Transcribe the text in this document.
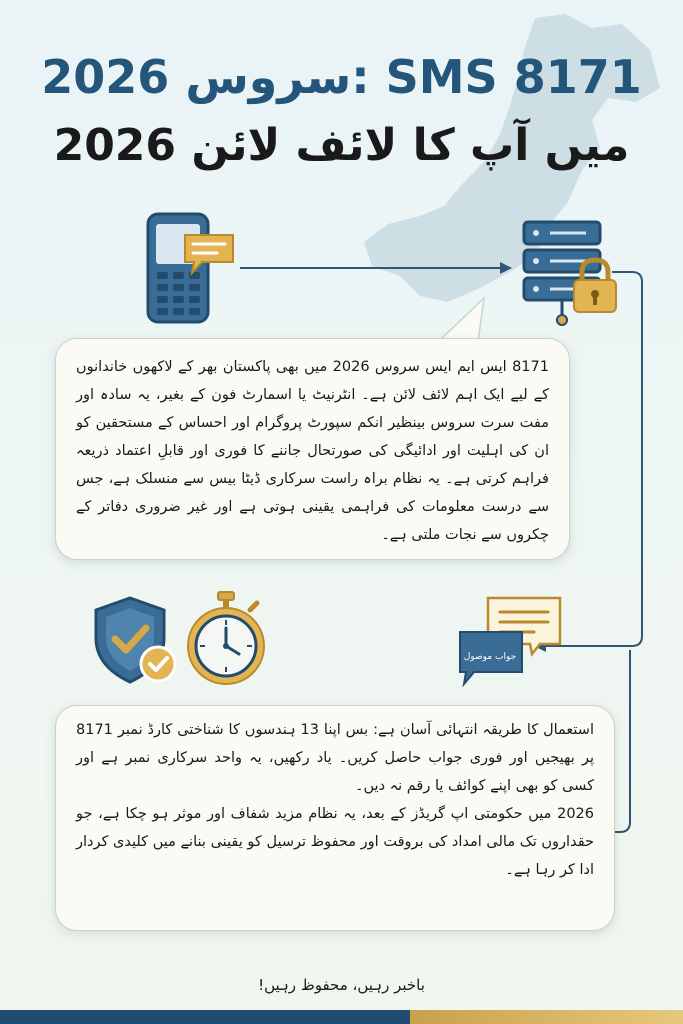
2026 سروس: SMS 8171
2026 میں آپ کا لائف لائن
8171 ایس ایم ایس سروس 2026 میں بھی پاکستان بھر کے لاکھوں خاندانوں کے لیے ایک اہم لائف لائن ہے۔ انٹرنیٹ یا اسمارٹ فون کے بغیر، یہ سادہ اور مفت سرت سروس بینظیر انکم سپورٹ پروگرام اور احساس کے مستحقین کو ان کی اہلیت اور ادائیگی کی صورتحال جاننے کا فوری اور قابلِ اعتماد ذریعہ فراہم کرتی ہے۔ یہ نظام براہ راست سرکاری ڈیٹا بیس سے منسلک ہے، جس سے درست معلومات کی فراہمی یقینی ہوتی ہے اور غیر ضروری دفاتر کے چکروں سے نجات ملتی ہے۔
جواب موصول

استعمال کا طریقہ انتہائی آسان ہے: بس اپنا 13 ہندسوں کا شناختی کارڈ نمبر 8171 پر بھیجیں اور فوری جواب حاصل کریں۔ یاد رکھیں، یہ واحد سرکاری نمبر ہے اور کسی کو بھی اپنے کوائف یا رقم نہ دیں۔

2026 میں حکومتی اپ گریڈز کے بعد، یہ نظام مزید شفاف اور موثر ہو چکا ہے، جو حقداروں تک مالی امداد کی بروقت اور محفوظ ترسیل کو یقینی بنانے میں کلیدی کردار ادا کر رہا ہے۔

باخبر رہیں، محفوظ رہیں!
